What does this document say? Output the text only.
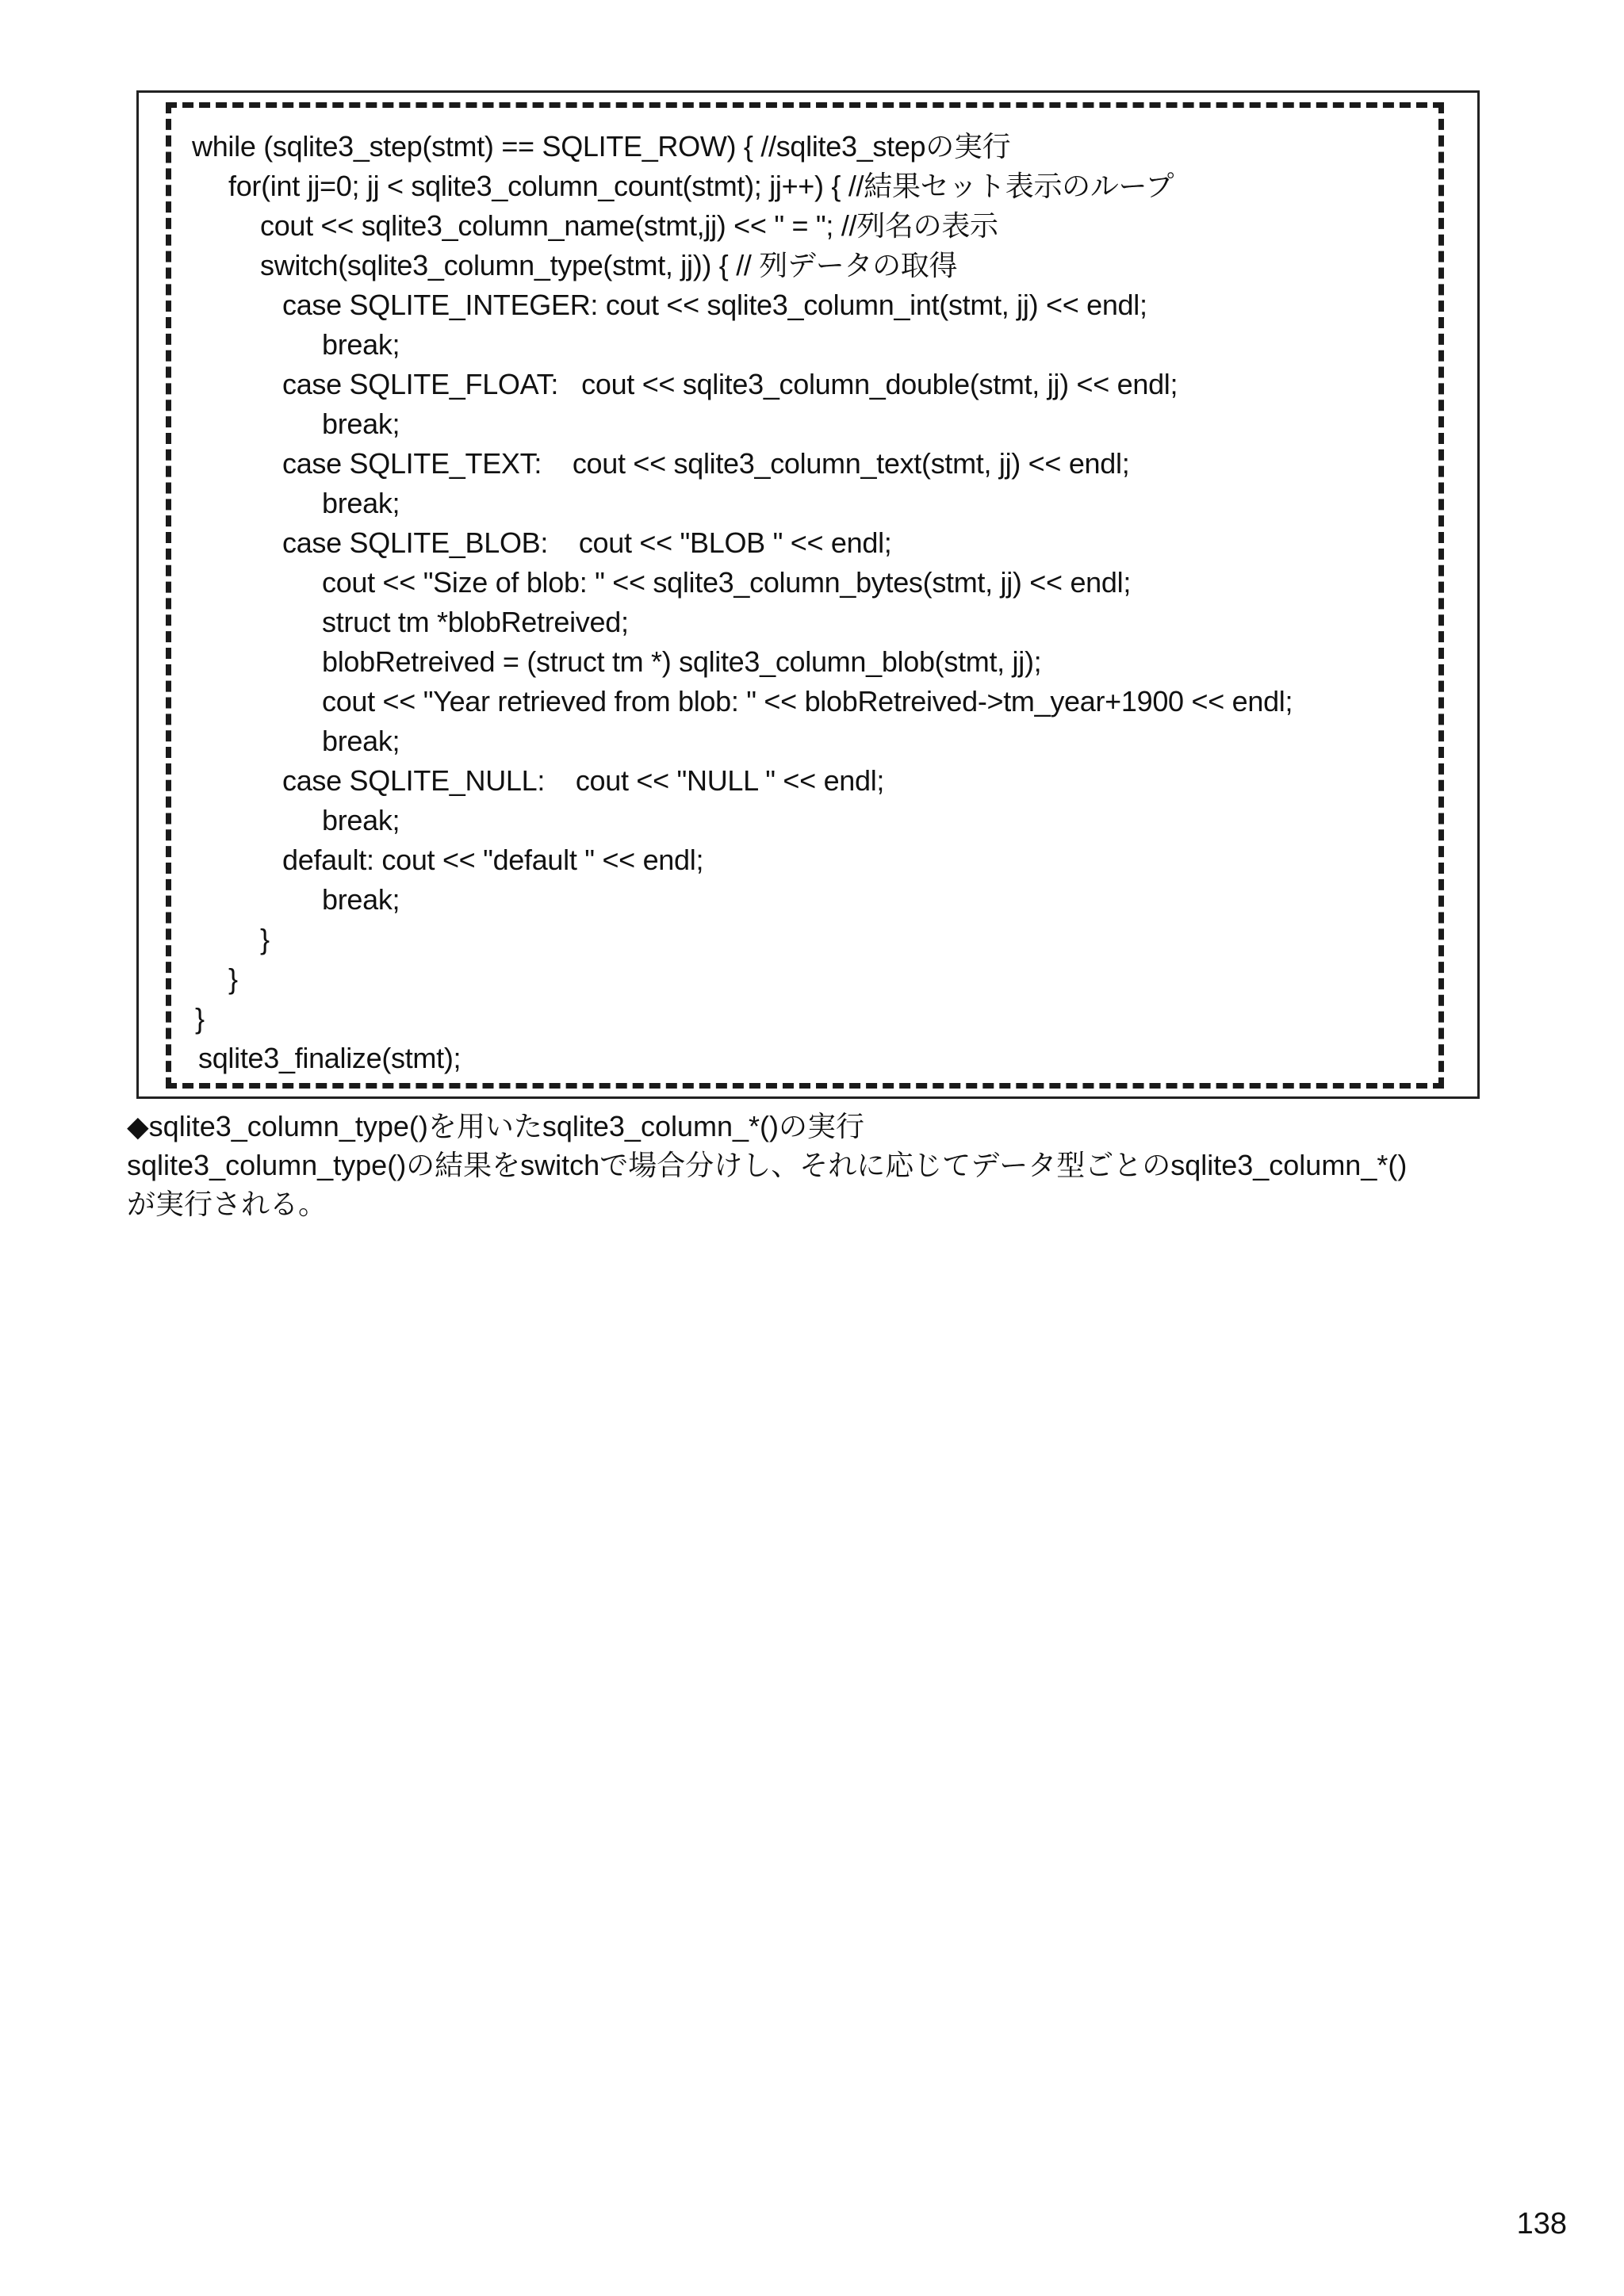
while (sqlite3_step(stmt) == SQLITE_ROW) { //sqlite3_stepの実行
for(int jj=0; jj < sqlite3_column_count(stmt); jj++) { //結果セット表示のループ
cout << sqlite3_column_name(stmt,jj) << " = "; //列名の表示
switch(sqlite3_column_type(stmt, jj)) { // 列データの取得
case SQLITE_INTEGER: cout << sqlite3_column_int(stmt, jj) << endl;
break;
case SQLITE_FLOAT:   cout << sqlite3_column_double(stmt, jj) << endl;
break;
case SQLITE_TEXT:    cout << sqlite3_column_text(stmt, jj) << endl;
break;
case SQLITE_BLOB:    cout << "BLOB " << endl;
cout << "Size of blob: " << sqlite3_column_bytes(stmt, jj) << endl;
struct tm *blobRetreived;
blobRetreived = (struct tm *) sqlite3_column_blob(stmt, jj);
cout << "Year retrieved from blob: " << blobRetreived->tm_year+1900 << endl;
break;
case SQLITE_NULL:    cout << "NULL " << endl;
break;
default: cout << "default " << endl;
break;
}
}
}
sqlite3_finalize(stmt);
◆sqlite3_column_type()を用いたsqlite3_column_*()の実行
sqlite3_column_type()の結果をswitchで場合分けし、それに応じてデータ型ごとのsqlite3_column_*()
が実行される。
138
